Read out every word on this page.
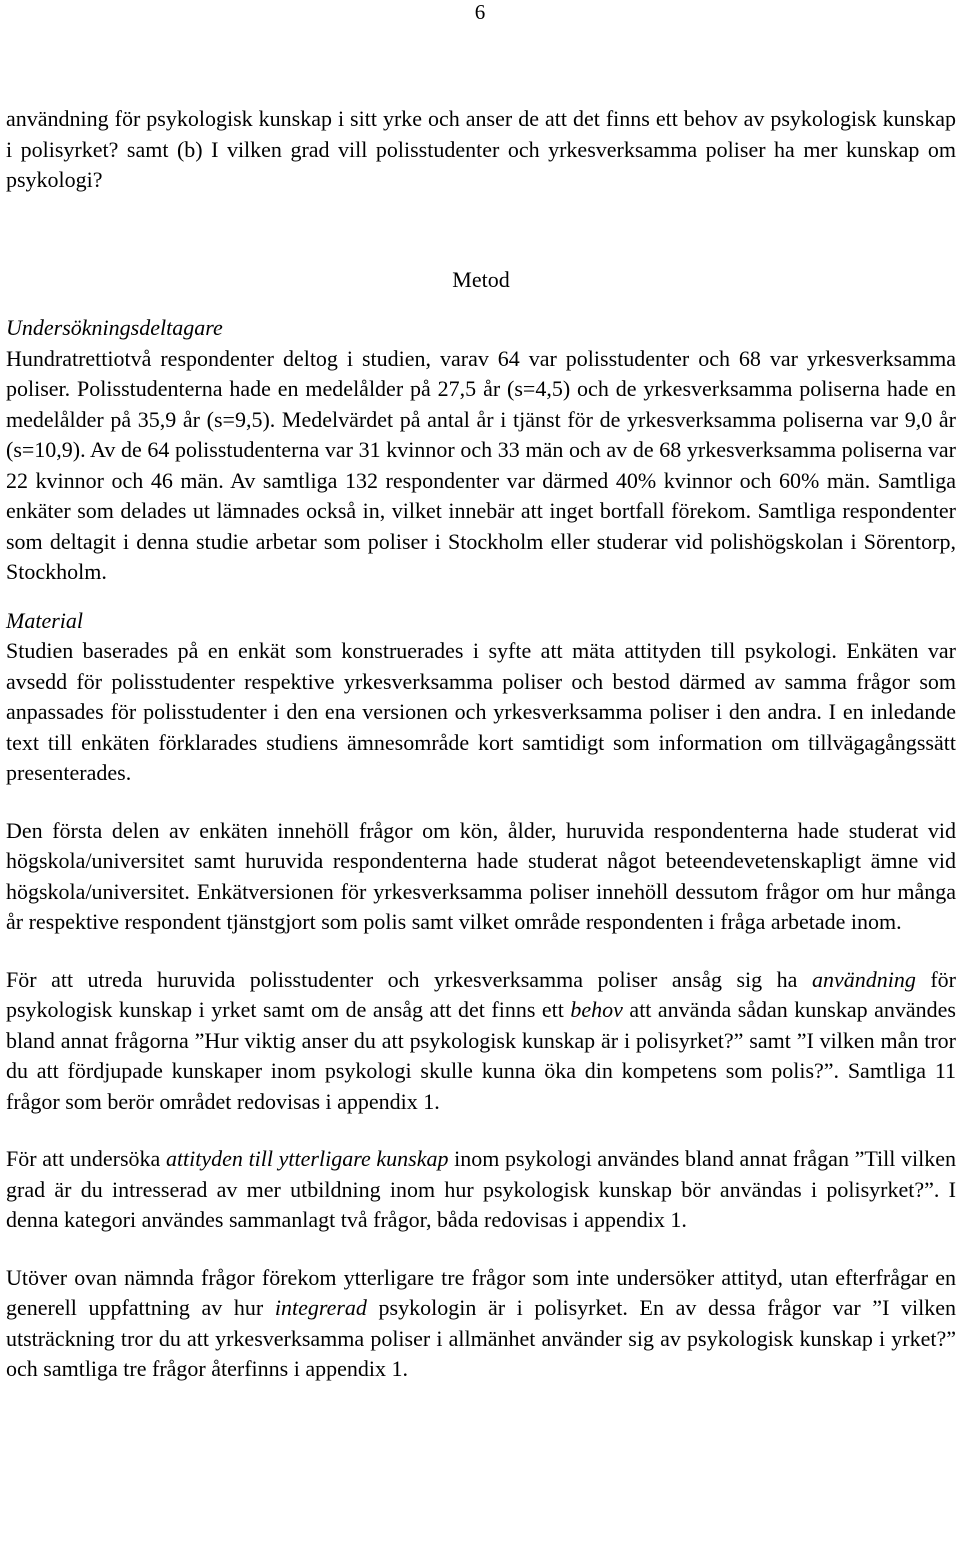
6

användning för psykologisk kunskap i sitt yrke och anser de att det finns ett behov av psykologisk kunskap i polisyrket? samt (b) I vilken grad vill polisstudenter och yrkesverksamma poliser ha mer kunskap om psykologi?

Metod

Undersökningsdeltagare

Hundratrettiotvå respondenter deltog i studien, varav 64 var polisstudenter och 68 var yrkesverksamma poliser. Polisstudenterna hade en medelålder på 27,5 år (s=4,5) och de yrkesverksamma poliserna hade en medelålder på 35,9 år (s=9,5). Medelvärdet på antal år i tjänst för de yrkesverksamma poliserna var 9,0 år (s=10,9). Av de 64 polisstudenterna var 31 kvinnor och 33 män och av de 68 yrkesverksamma poliserna var 22 kvinnor och 46 män. Av samtliga 132 respondenter var därmed 40% kvinnor och 60% män. Samtliga enkäter som delades ut lämnades också in, vilket innebär att inget bortfall förekom. Samtliga respondenter som deltagit i denna studie arbetar som poliser i Stockholm eller studerar vid polishögskolan i Sörentorp, Stockholm.

Material

Studien baserades på en enkät som konstruerades i syfte att mäta attityden till psykologi. Enkäten var avsedd för polisstudenter respektive yrkesverksamma poliser och bestod därmed av samma frågor som anpassades för polisstudenter i den ena versionen och yrkesverksamma poliser i den andra. I en inledande text till enkäten förklarades studiens ämnesområde kort samtidigt som information om tillvägagångssätt presenterades.

Den första delen av enkäten innehöll frågor om kön, ålder, huruvida respondenterna hade studerat vid högskola/universitet samt huruvida respondenterna hade studerat något beteendevetenskapligt ämne vid högskola/universitet. Enkätversionen för yrkesverksamma poliser innehöll dessutom frågor om hur många år respektive respondent tjänstgjort som polis samt vilket område respondenten i fråga arbetade inom.

För att utreda huruvida polisstudenter och yrkesverksamma poliser ansåg sig ha användning för psykologisk kunskap i yrket samt om de ansåg att det finns ett behov att använda sådan kunskap användes bland annat frågorna ”Hur viktig anser du att psykologisk kunskap är i polisyrket?” samt ”I vilken mån tror du att fördjupade kunskaper inom psykologi skulle kunna öka din kompetens som polis?”. Samtliga 11 frågor som berör området redovisas i appendix 1.

För att undersöka attityden till ytterligare kunskap inom psykologi användes bland annat frågan ”Till vilken grad är du intresserad av mer utbildning inom hur psykologisk kunskap bör användas i polisyrket?”. I denna kategori användes sammanlagt två frågor, båda redovisas i appendix 1.

Utöver ovan nämnda frågor förekom ytterligare tre frågor som inte undersöker attityd, utan efterfrågar en generell uppfattning av hur integrerad psykologin är i polisyrket. En av dessa frågor var ”I vilken utsträckning tror du att yrkesverksamma poliser i allmänhet använder sig av psykologisk kunskap i yrket?” och samtliga tre frågor återfinns i appendix 1.
